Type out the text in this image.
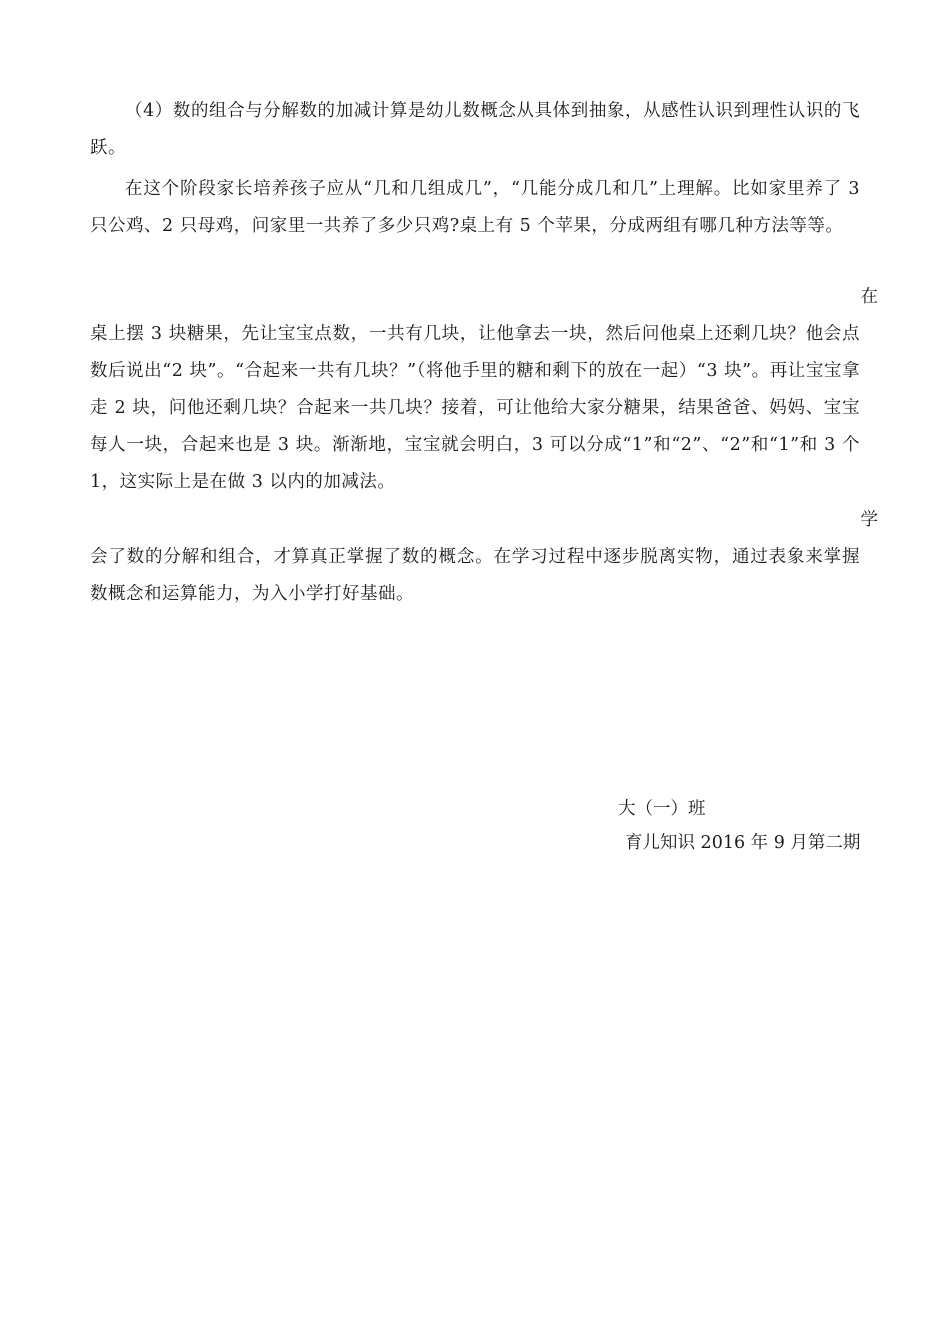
（4）数的组合与分解数的加减计算是幼儿数概念从具体到抽象，从感性认识到理性认识的飞跃。

在这个阶段家长培养孩子应从“几和几组成几”，“几能分成几和几”上理解。比如家里养了 3 只公鸡、2 只母鸡，问家里一共养了多少只鸡?桌上有 5 个苹果，分成两组有哪几种方法等等。

在

桌上摆 3 块糖果，先让宝宝点数，一共有几块，让他拿去一块，然后问他桌上还剩几块？他会点数后说出“2 块”。“合起来一共有几块？”（将他手里的糖和剩下的放在一起）“3 块”。再让宝宝拿走 2 块，问他还剩几块？合起来一共几块？接着，可让他给大家分糖果，结果爸爸、妈妈、宝宝每人一块，合起来也是 3 块。渐渐地，宝宝就会明白，3 可以分成“1”和“2”、“2”和“1”和 3 个 1，这实际上是在做 3 以内的加减法。

学

会了数的分解和组合，才算真正掌握了数的概念。在学习过程中逐步脱离实物，通过表象来掌握数概念和运算能力，为入小学打好基础。

大（一）班

育儿知识 2016 年 9 月第二期
